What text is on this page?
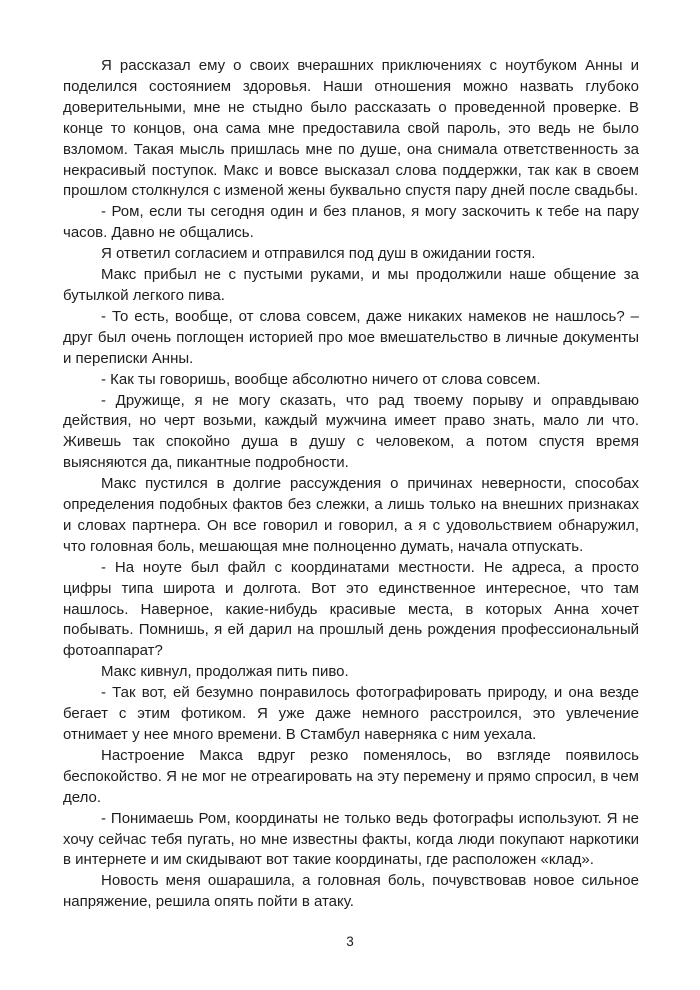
Я рассказал ему о своих вчерашних приключениях с ноутбуком Анны и поделился состоянием здоровья. Наши отношения можно назвать глубоко доверительными, мне не стыдно было рассказать о проведенной проверке. В конце то концов, она сама мне предоставила свой пароль, это ведь не было взломом. Такая мысль пришлась мне по душе, она снимала ответственность за некрасивый поступок. Макс и вовсе высказал слова поддержки, так как в своем прошлом столкнулся с изменой жены буквально спустя пару дней после свадьбы.

- Ром, если ты сегодня один и без планов, я могу заскочить к тебе на пару часов. Давно не общались.

Я ответил согласием и отправился под душ в ожидании гостя.

Макс прибыл не с пустыми руками, и мы продолжили наше общение за бутылкой легкого пива.

- То есть, вообще, от слова совсем, даже никаких намеков не нашлось? – друг был очень поглощен историей про мое вмешательство в личные документы и переписки Анны.

- Как ты говоришь, вообще абсолютно ничего от слова совсем.

- Дружище, я не могу сказать, что рад твоему порыву и оправдываю действия, но черт возьми, каждый мужчина имеет право знать, мало ли что. Живешь так спокойно душа в душу с человеком, а потом спустя время выясняются да, пикантные подробности.

Макс пустился в долгие рассуждения о причинах неверности, способах определения подобных фактов без слежки, а лишь только на внешних признаках и словах партнера. Он все говорил и говорил, а я с удовольствием обнаружил, что головная боль, мешающая мне полноценно думать, начала отпускать.

- На ноуте был файл с координатами местности. Не адреса, а просто цифры типа широта и долгота. Вот это единственное интересное, что там нашлось. Наверное, какие-нибудь красивые места, в которых Анна хочет побывать. Помнишь, я ей дарил на прошлый день рождения профессиональный фотоаппарат?

Макс кивнул, продолжая пить пиво.

- Так вот, ей безумно понравилось фотографировать природу, и она везде бегает с этим фотиком. Я уже даже немного расстроился, это увлечение отнимает у нее много времени. В Стамбул наверняка с ним уехала.

Настроение Макса вдруг резко поменялось, во взгляде появилось беспокойство. Я не мог не отреагировать на эту перемену и прямо спросил, в чем дело.

- Понимаешь Ром, координаты не только ведь фотографы используют. Я не хочу сейчас тебя пугать, но мне известны факты, когда люди покупают наркотики в интернете и им скидывают вот такие координаты, где расположен «клад».

Новость меня ошарашила, а головная боль, почувствовав новое сильное напряжение, решила опять пойти в атаку.

3
